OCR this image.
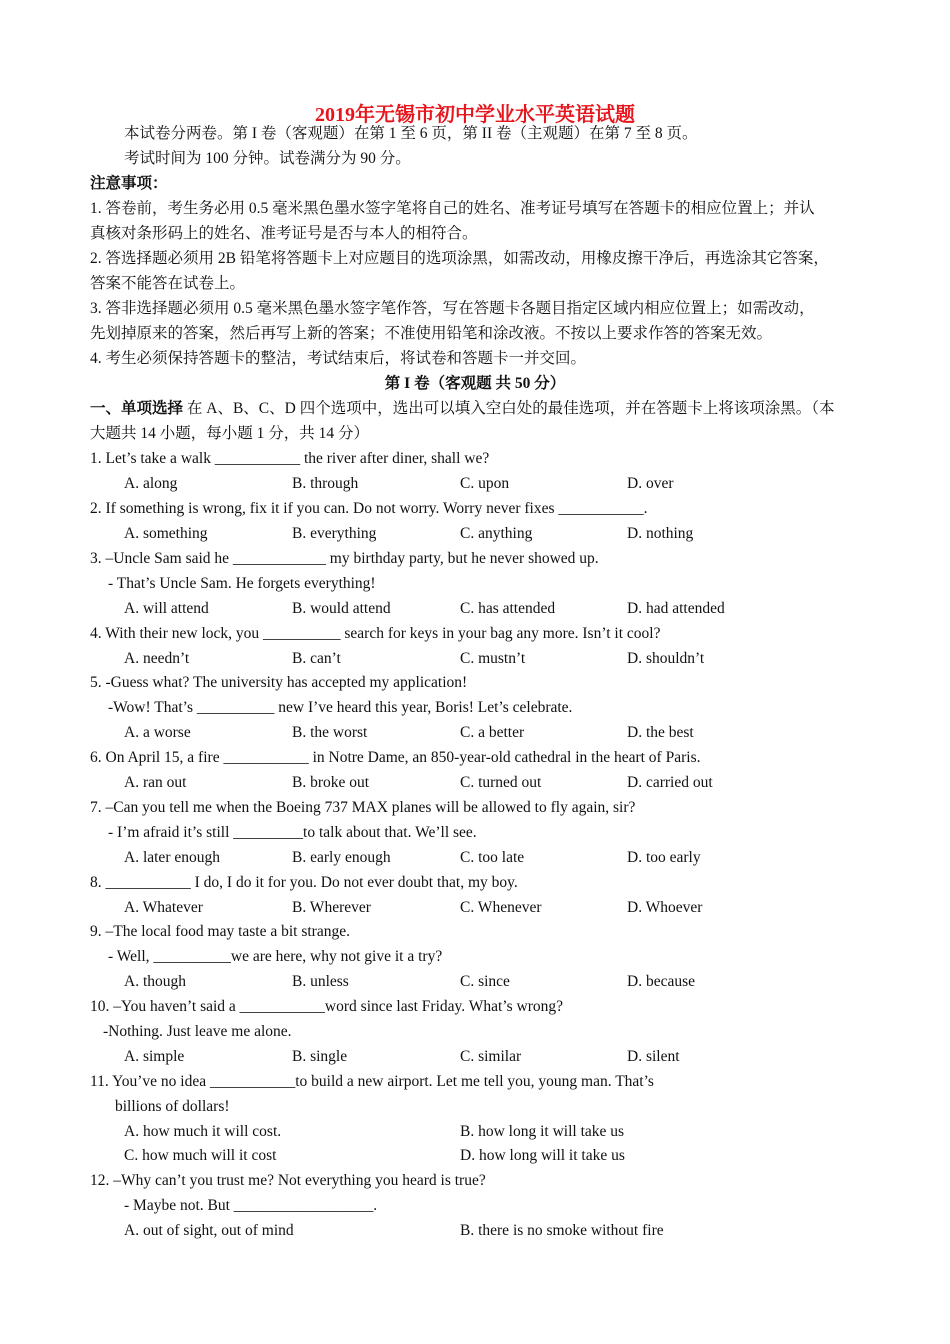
2019年无锡市初中学业水平英语试题
本试卷分两卷。第 I 卷（客观题）在第 1 至 6 页，第 II 卷（主观题）在第 7 至 8 页。
考试时间为 100 分钟。试卷满分为 90 分。
注意事项：
1. 答卷前，考生务必用 0.5 毫米黑色墨水签字笔将自己的姓名、准考证号填写在答题卡的相应位置上；并认
真核对条形码上的姓名、准考证号是否与本人的相符合。
2. 答选择题必须用 2B 铅笔将答题卡上对应题目的选项涂黑，如需改动，用橡皮擦干净后，再选涂其它答案，
答案不能答在试卷上。
3. 答非选择题必须用 0.5 毫米黑色墨水签字笔作答，写在答题卡各题目指定区域内相应位置上；如需改动，
先划掉原来的答案，然后再写上新的答案；不准使用铅笔和涂改液。不按以上要求作答的答案无效。
4. 考生必须保持答题卡的整洁，考试结束后，将试卷和答题卡一并交回。
第 I 卷（客观题 共 50 分）
一、单项选择 在 A、B、C、D 四个选项中，选出可以填入空白处的最佳选项，并在答题卡上将该项涂黑。（本
大题共 14 小题，每小题 1 分，共 14 分）
1. Let’s take a walk ___________ the river after diner, shall we?
A. along	B. through	C. upon	D. over
2. If something is wrong, fix it if you can. Do not worry. Worry never fixes ___________.
A. something	B. everything	C. anything	D. nothing
3. –Uncle Sam said he ____________ my birthday party, but he never showed up.
- That’s Uncle Sam. He forgets everything!
A. will attend	B. would attend	C. has attended	D. had attended
4. With their new lock, you __________ search for keys in your bag any more. Isn’t it cool?
A. needn’t	B. can’t	C. mustn’t	D. shouldn’t
5. -Guess what? The university has accepted my application!
-Wow! That’s __________ new I’ve heard this year, Boris! Let’s celebrate.
A. a worse	B. the worst	C. a better	D. the best
6. On April 15, a fire ___________ in Notre Dame, an 850-year-old cathedral in the heart of Paris.
A. ran out	B. broke out	C. turned out	D. carried out
7. –Can you tell me when the Boeing 737 MAX planes will be allowed to fly again, sir?
- I’m afraid it’s still _________to talk about that. We’ll see.
A. later enough	B. early enough	C. too late	D. too early
8. ___________ I do, I do it for you. Do not ever doubt that, my boy.
A. Whatever	B. Wherever	C. Whenever	D. Whoever
9. –The local food may taste a bit strange.
- Well, __________we are here, why not give it a try?
A. though	B. unless	C. since	D. because
10. –You haven’t said a ___________word since last Friday. What’s wrong?
-Nothing. Just leave me alone.
A. simple	B. single	C. similar	D. silent
11. You’ve no idea ___________to build a new airport. Let me tell you, young man. That’s
billions of dollars!
A. how much it will cost.	B. how long it will take us
C. how much will it cost	D. how long will it take us
12. –Why can’t you trust me? Not everything you heard is true?
- Maybe not. But __________________.
A. out of sight, out of mind	B. there is no smoke without fire
